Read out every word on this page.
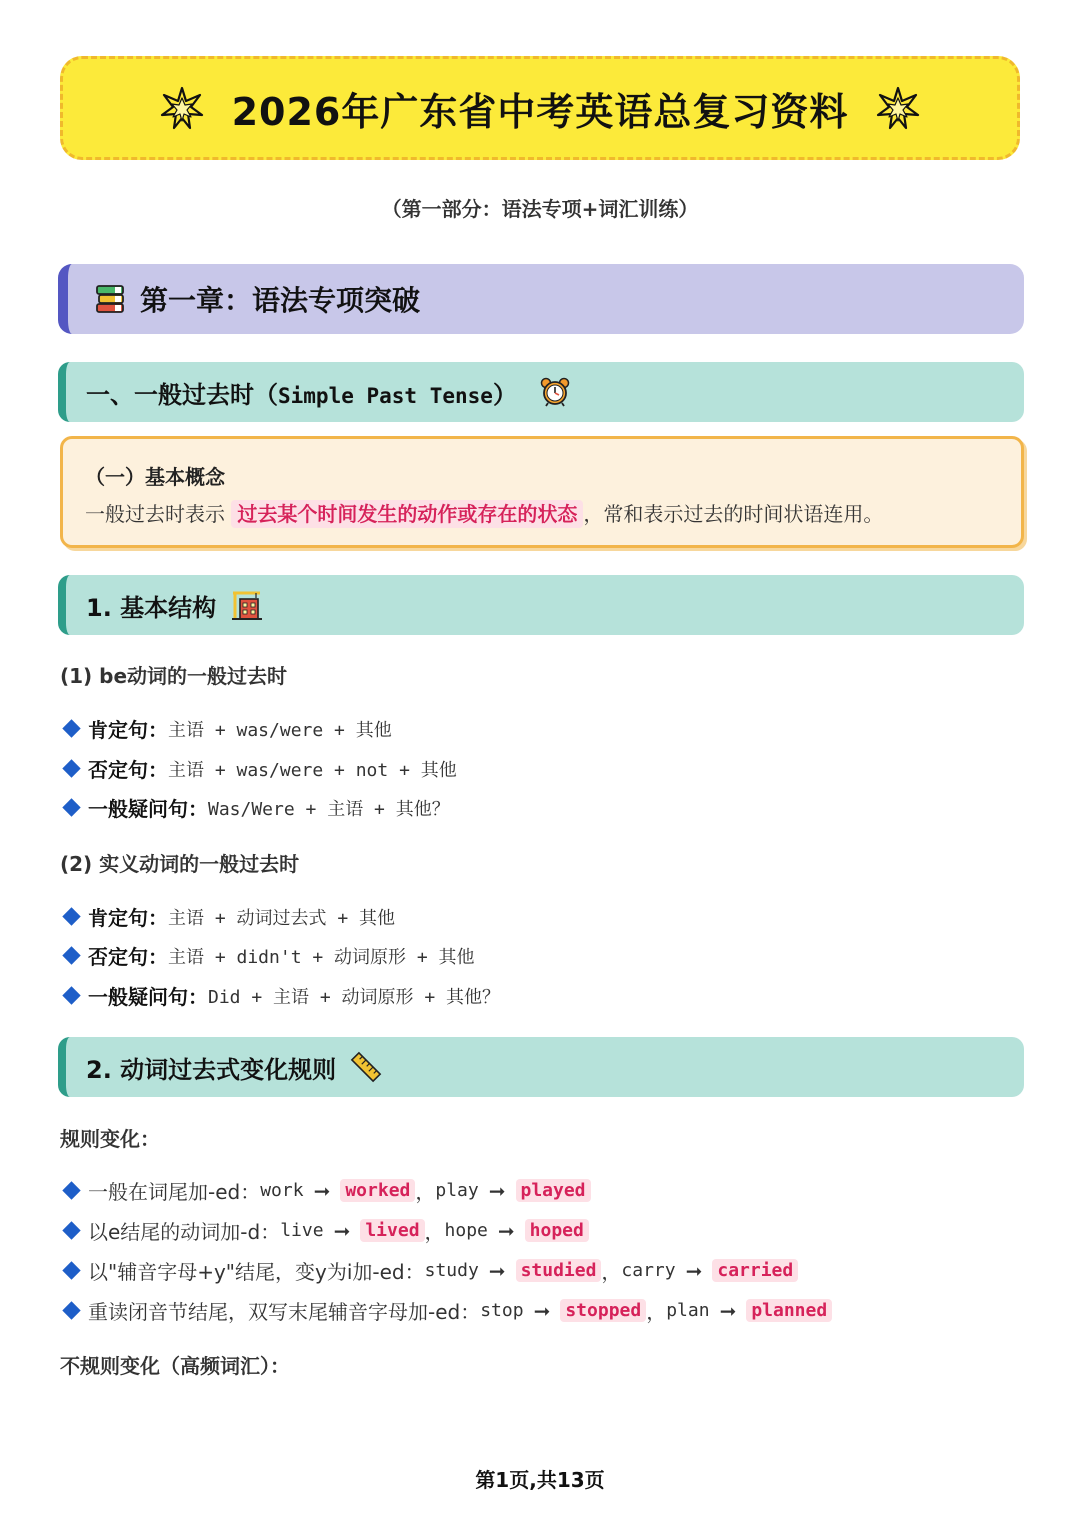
2026年广东省中考英语总复习资料
（第一部分：语法专项+词汇训练）
第一章：语法专项突破
一、一般过去时（Simple Past Tense）
（一）基本概念
一般过去时表示 过去某个时间发生的动作或存在的状态 ，常和表示过去的时间状语连用。
1. 基本结构
(1) be动词的一般过去时
肯定句： 主语 + was/were + 其他
否定句： 主语 + was/were + not + 其他
一般疑问句： Was/Were + 主语 + 其他？
(2) 实义动词的一般过去时
肯定句： 主语 + 动词过去式 + 其他
否定句： 主语 + didn't + 动词原形 + 其他
一般疑问句： Did + 主语 + 动词原形 + 其他？
2. 动词过去式变化规则
规则变化：
一般在词尾加-ed： work ➞ worked ， play ➞ played
以e结尾的动词加-d： live ➞ lived ， hope ➞ hoped
以"辅音字母+y"结尾，变y为i加-ed： study ➞ studied ， carry ➞ carried
重读闭音节结尾，双写末尾辅音字母加-ed： stop ➞ stopped ， plan ➞ planned
不规则变化（高频词汇）：
第1页,共13页
